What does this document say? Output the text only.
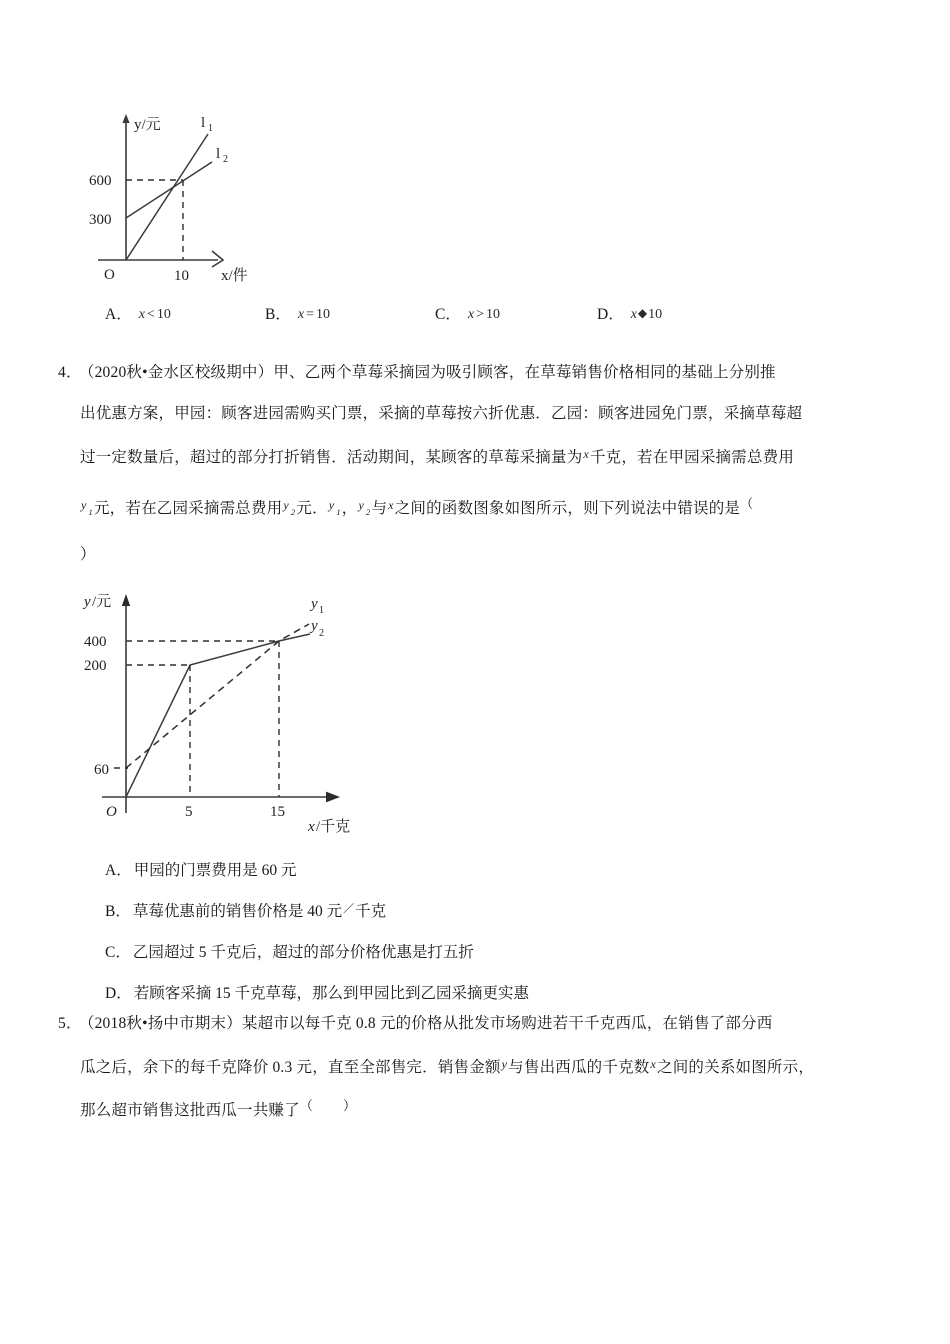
y/元
x/件
O
600
300
10
l 1
l 2
A． x < 10	B． x = 10	C． x > 10	D． x◆10
4． （2020秋•金水区校级期中）甲、乙两个草莓采摘园为吸引顾客，在草莓销售价格相同的基础上分别推
出优惠方案，甲园：顾客进园需购买门票，采摘的草莓按六折优惠．乙园：顾客进园免门票，采摘草莓超
过一定数量后，超过的部分打折销售．活动期间，某顾客的草莓采摘量为$^x$千克，若在甲园采摘需总费用
$^y$ $_1$元，若在乙园采摘需总费用$^y$ $_2$元．$^y$ $_1$，$^y$ $_2$与$^x$之间的函数图象如图所示，则下列说法中错误的是（
）
y /元
x /千克
O
400
200
60
5	15
y 1
y 2
A． 甲园的门票费用是 60 元
B． 草莓优惠前的销售价格是 40 元／千克
C． 乙园超过 5 千克后，超过的部分价格优惠是打五折
D． 若顾客采摘 15 千克草莓，那么到甲园比到乙园采摘更实惠
5． （2018秋•扬中市期末）某超市以每千克 0.8 元的价格从批发市场购进若干千克西瓜，在销售了部分西
瓜之后，余下的每千克降价 0.3 元，直至全部售完．销售金额$^y$与售出西瓜的千克数$^x$之间的关系如图所示，
那么超市销售这批西瓜一共赚了（ ）
